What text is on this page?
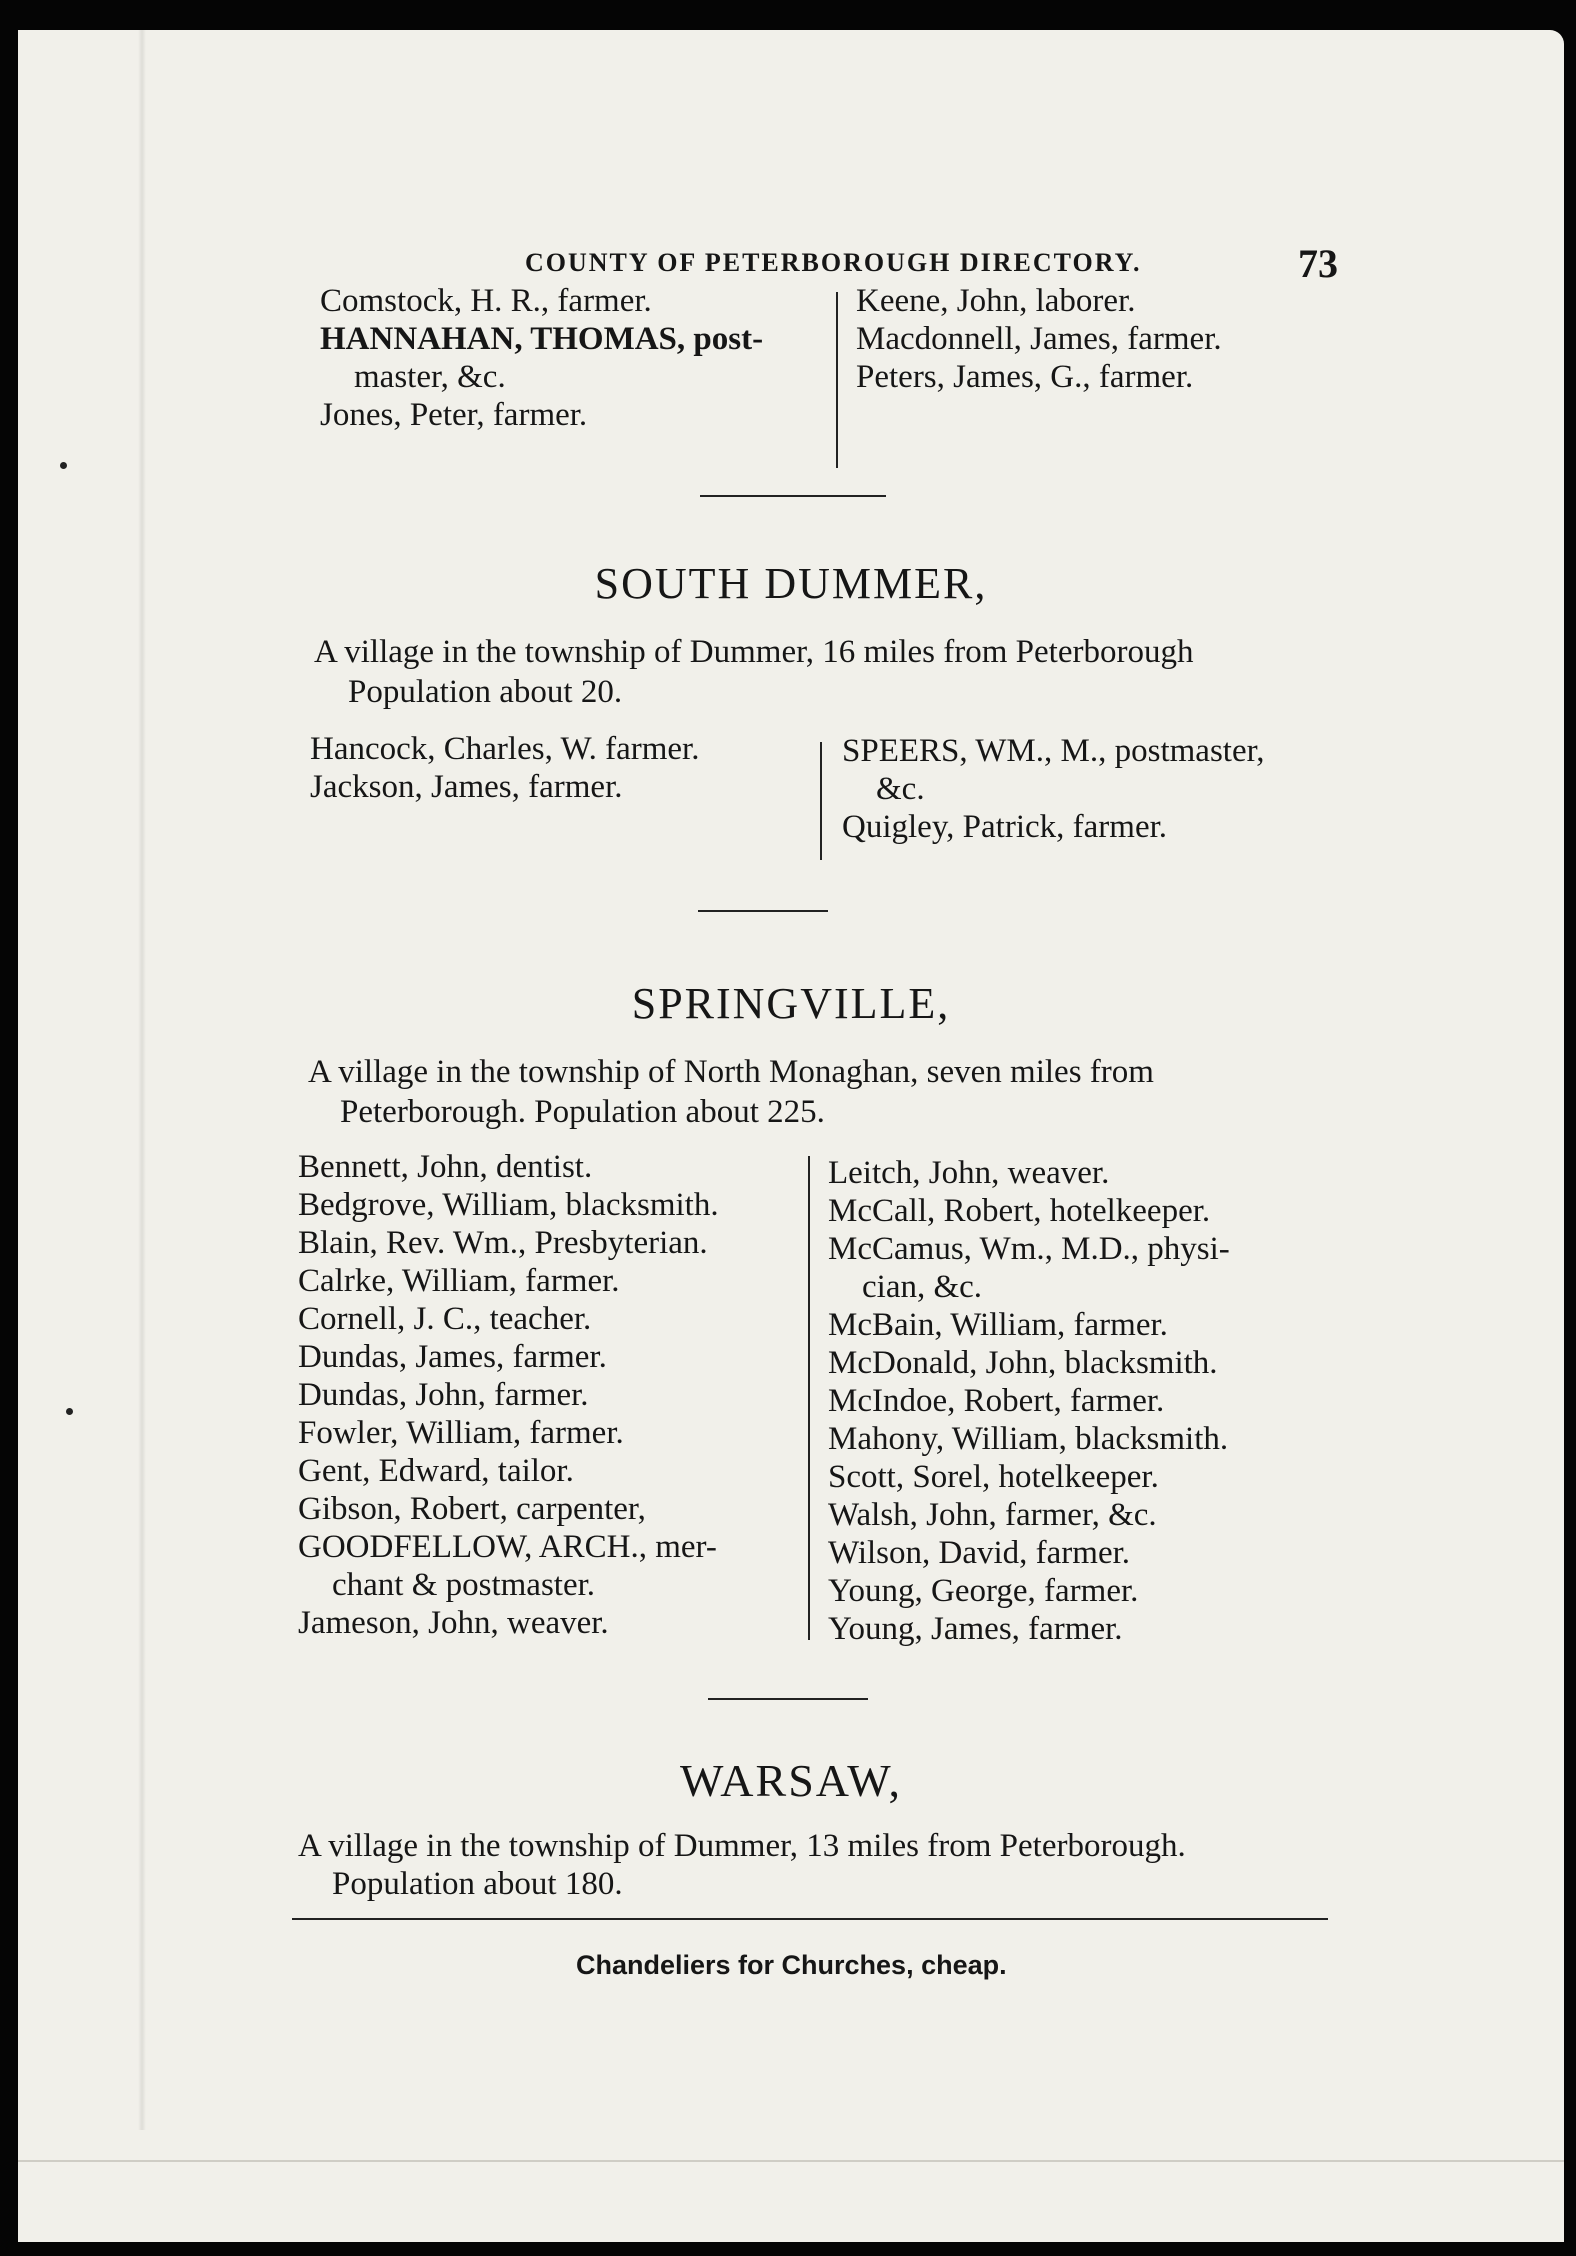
COUNTY OF PETERBOROUGH DIRECTORY.	73
Comstock, H. R., farmer.
HANNAHAN, THOMAS, post-
master, &c.
Jones, Peter, farmer.
Keene, John, laborer.
Macdonnell, James, farmer.
Peters, James, G., farmer.
SOUTH DUMMER,
A village in the township of Dummer, 16 miles from Peterborough
Population about 20.
Hancock, Charles, W. farmer.
Jackson, James, farmer.
SPEERS, WM., M., postmaster,
&c.
Quigley, Patrick, farmer.
SPRINGVILLE,
A village in the township of North Monaghan, seven miles from
Peterborough. Population about 225.
Bennett, John, dentist.
Bedgrove, William, blacksmith.
Blain, Rev. Wm., Presbyterian.
Calrke, William, farmer.
Cornell, J. C., teacher.
Dundas, James, farmer.
Dundas, John, farmer.
Fowler, William, farmer.
Gent, Edward, tailor.
Gibson, Robert, carpenter,
GOODFELLOW, ARCH., mer-
chant & postmaster.
Jameson, John, weaver.
Leitch, John, weaver.
McCall, Robert, hotelkeeper.
McCamus, Wm., M.D., physi-
cian, &c.
McBain, William, farmer.
McDonald, John, blacksmith.
McIndoe, Robert, farmer.
Mahony, William, blacksmith.
Scott, Sorel, hotelkeeper.
Walsh, John, farmer, &c.
Wilson, David, farmer.
Young, George, farmer.
Young, James, farmer.
WARSAW,
A village in the township of Dummer, 13 miles from Peterborough.
Population about 180.
Chandeliers for Churches, cheap.
